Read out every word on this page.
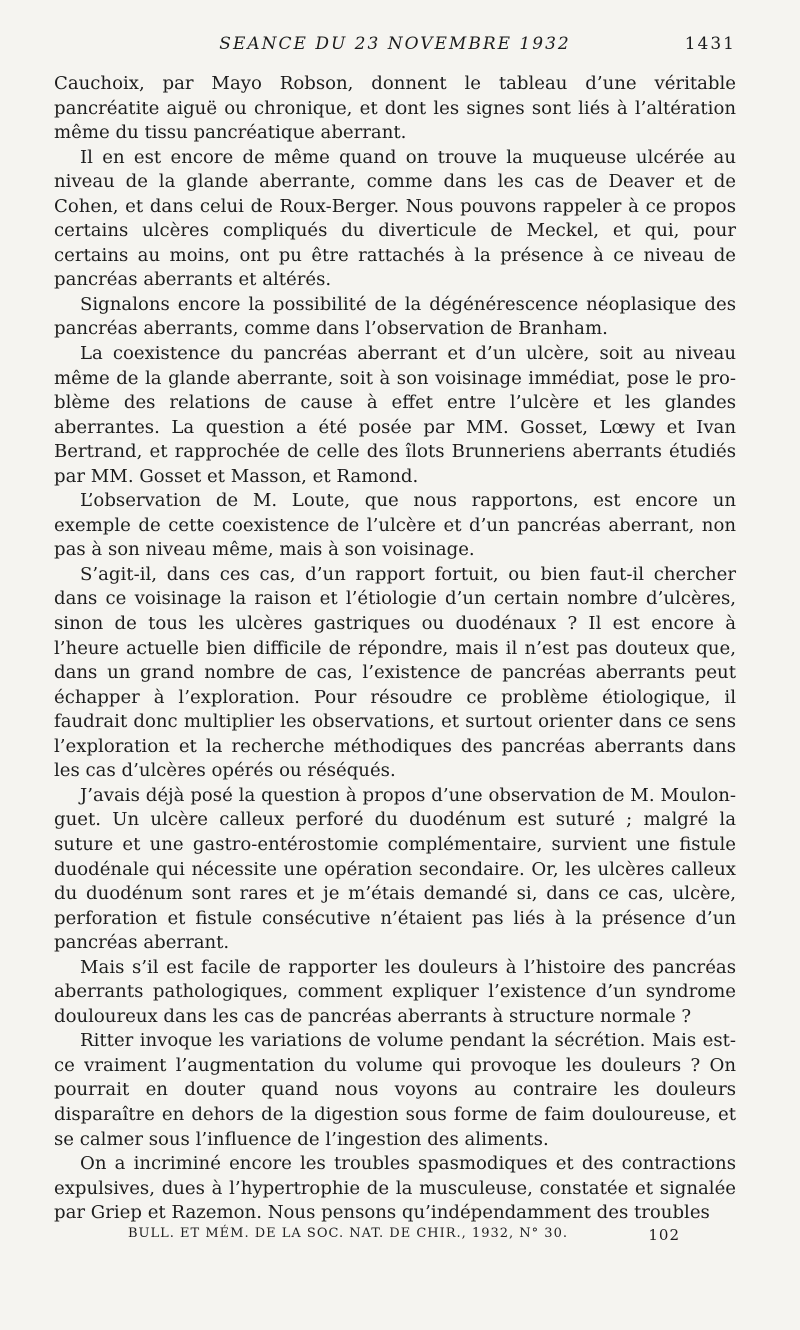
SEANCE DU 23 NOVEMBRE 1932	1431

Cauchoix, par Mayo Robson, donnent le tableau d’une véritable pancréatite aiguë ou chronique, et dont les signes sont liés à l’altération même du tissu pancréatique aberrant.

Il en est encore de même quand on trouve la muqueuse ulcérée au niveau de la glande aberrante, comme dans les cas de Deaver et de Cohen, et dans celui de Roux-Berger. Nous pouvons rappeler à ce propos certains ulcères compliqués du diverticule de Meckel, et qui, pour certains au moins, ont pu être rattachés à la présence à ce niveau de pancréas aberrants et altérés.

Signalons encore la possibilité de la dégénérescence néoplasique des pancréas aberrants, comme dans l’observation de Branham.

La coexistence du pancréas aberrant et d’un ulcère, soit au niveau même de la glande aberrante, soit à son voisinage immédiat, pose le problème des relations de cause à effet entre l’ulcère et les glandes aberrantes. La question a été posée par MM. Gosset, Lœwy et Ivan Bertrand, et rapprochée de celle des îlots Brunneriens aberrants étudiés par MM. Gosset et Masson, et Ramond.

L’observation de M. Loute, que nous rapportons, est encore un exemple de cette coexistence de l’ulcère et d’un pancréas aberrant, non pas à son niveau même, mais à son voisinage.

S’agit-il, dans ces cas, d’un rapport fortuit, ou bien faut-il chercher dans ce voisinage la raison et l’étiologie d’un certain nombre d’ulcères, sinon de tous les ulcères gastriques ou duodénaux ? Il est encore à l’heure actuelle bien difficile de répondre, mais il n’est pas douteux que, dans un grand nombre de cas, l’existence de pancréas aberrants peut échapper à l’exploration. Pour résoudre ce problème étiologique, il faudrait donc multiplier les observations, et surtout orienter dans ce sens l’exploration et la recherche méthodiques des pancréas aberrants dans les cas d’ulcères opérés ou réséqués.

J’avais déjà posé la question à propos d’une observation de M. Moulonguet. Un ulcère calleux perforé du duodénum est suturé ; malgré la suture et une gastro-entérostomie complémentaire, survient une fistule duodénale qui nécessite une opération secondaire. Or, les ulcères calleux du duodénum sont rares et je m’étais demandé si, dans ce cas, ulcère, perforation et fistule consécutive n’étaient pas liés à la présence d’un pancréas aberrant.

Mais s’il est facile de rapporter les douleurs à l’histoire des pancréas aberrants pathologiques, comment expliquer l’existence d’un syndrome douloureux dans les cas de pancréas aberrants à structure normale ?

Ritter invoque les variations de volume pendant la sécrétion. Mais est-ce vraiment l’augmentation du volume qui provoque les douleurs ? On pourrait en douter quand nous voyons au contraire les douleurs disparaître en dehors de la digestion sous forme de faim douloureuse, et se calmer sous l’influence de l’ingestion des aliments.

On a incriminé encore les troubles spasmodiques et des contractions expulsives, dues à l’hypertrophie de la musculeuse, constatée et signalée par Griep et Razemon. Nous pensons qu’indépendamment des troubles

BULL. ET MÉM. DE LA SOC. NAT. DE CHIR., 1932, N° 30.	102
